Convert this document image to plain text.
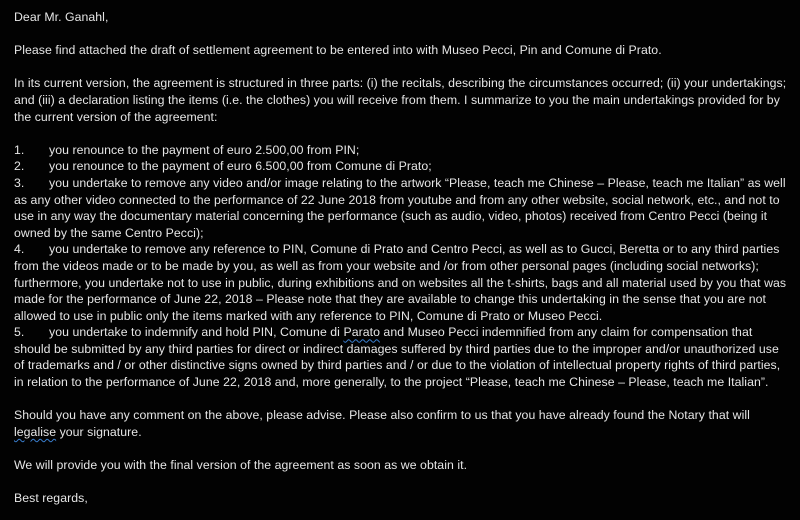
Dear Mr. Ganahl,

Please find attached the draft of settlement agreement to be entered into with Museo Pecci, Pin and Comune di Prato.

In its current version, the agreement is structured in three parts: (i) the recitals, describing the circumstances occurred; (ii) your undertakings; and (iii) a declaration listing the items (i.e. the clothes) you will receive from them. I summarize to you the main undertakings provided for by the current version of the agreement:

1.	you renounce to the payment of euro 2.500,00 from PIN;
2.	you renounce to the payment of euro 6.500,00 from Comune di Prato;

3. you undertake to remove any video and/or image relating to the artwork “Please, teach me Chinese – Please, teach me Italian” as well as any other video connected to the performance of 22 June 2018 from youtube and from any other website, social network, etc., and not to use in any way the documentary material concerning the performance (such as audio, video, photos) received from Centro Pecci (being it owned by the same Centro Pecci);

4. you undertake to remove any reference to PIN, Comune di Prato and Centro Pecci, as well as to Gucci, Beretta or to any third parties from the videos made or to be made by you, as well as from your website and /or from other personal pages (including social networks); furthermore, you undertake not to use in public, during exhibitions and on websites all the t-shirts, bags and all material used by you that was made for the performance of June 22, 2018 – Please note that they are available to change this undertaking in the sense that you are not allowed to use in public only the items marked with any reference to PIN, Comune di Prato or Museo Pecci.

5. you undertake to indemnify and hold PIN, Comune di Parato and Museo Pecci indemnified from any claim for compensation that should be submitted by any third parties for direct or indirect damages suffered by third parties due to the improper and/or unauthorized use of trademarks and / or other distinctive signs owned by third parties and / or due to the violation of intellectual property rights of third parties, in relation to the performance of June 22, 2018 and, more generally, to the project “Please, teach me Chinese – Please, teach me Italian”.

Should you have any comment on the above, please advise. Please also confirm to us that you have already found the Notary that will legalise your signature.

We will provide you with the final version of the agreement as soon as we obtain it.

Best regards,
